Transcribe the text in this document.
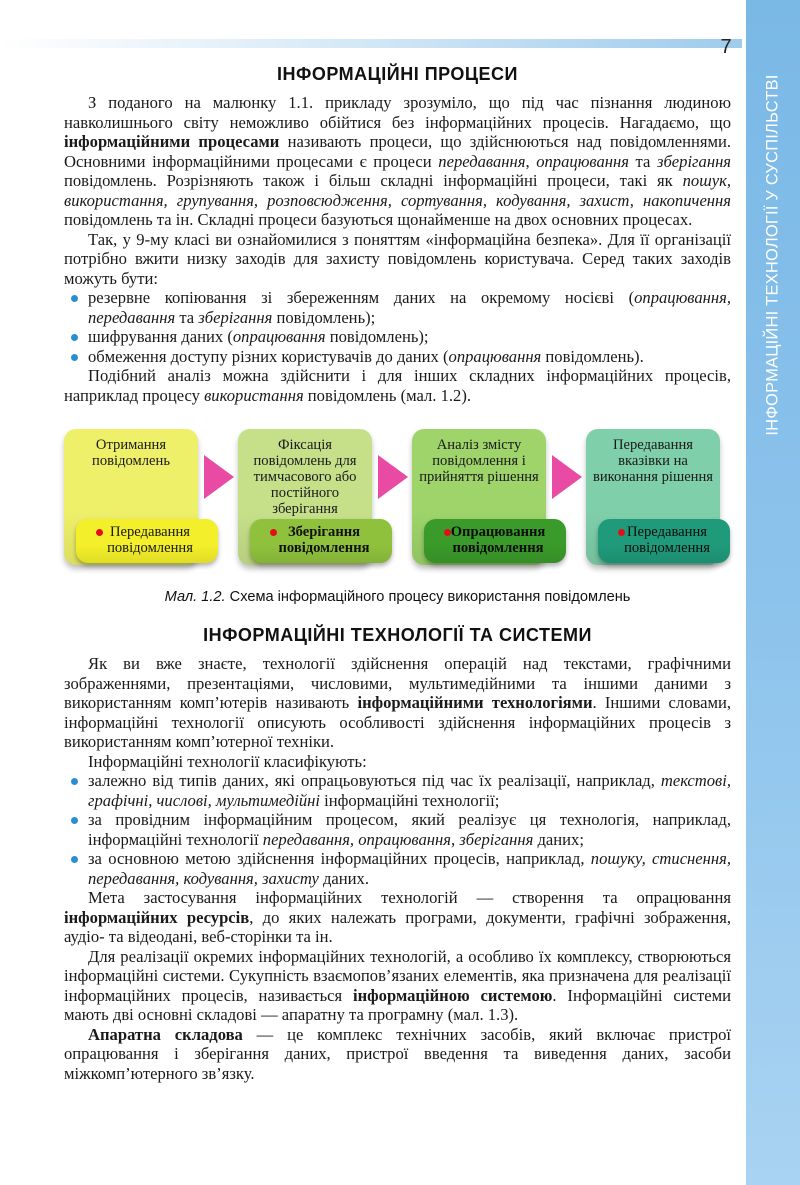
7
ІНФОРМАЦІЙНІ ТЕХНОЛОГІЇ У СУСПІЛЬСТВІ
ІНФОРМАЦІЙНІ ПРОЦЕСИ

З поданого на малюнку 1.1. прикладу зрозуміло, що під час пізнання людиною навколишнього світу неможливо обійтися без інформаційних процесів. Нагадаємо, що інформаційними процесами називають процеси, що здійснюються над повідомленнями. Основними інформаційними процесами є процеси передавання, опрацювання та зберігання повідомлень. Розрізняють також і більш складні інформаційні процеси, такі як пошук, використання, групування, розповсюдження, сортування, кодування, захист, накопичення повідомлень та ін. Складні процеси базуються щонайменше на двох основних процесах.

Так, у 9-му класі ви ознайомилися з поняттям «інформаційна безпека». Для її організації потрібно вжити низку заходів для захисту повідомлень користувача. Серед таких заходів можуть бути:

резервне копіювання зі збереженням даних на окремому носієві (опрацювання, передавання та зберігання повідомлень);
шифрування даних (опрацювання повідомлень);
обмеження доступу різних користувачів до даних (опрацювання повідомлень).

Подібний аналіз можна здійснити і для інших складних інформаційних процесів, наприклад процесу використання повідомлень (мал. 1.2).

Отримання повідомлень
Передавання повідомлення
Фіксація повідомлень для тимчасового або постійного зберігання
Зберігання повідомлення
Аналіз змісту повідомлення і прийняття рішення
Опрацювання повідомлення
Передавання вказівки на виконання рішення
Передавання повідомлення
Мал. 1.2. Схема інформаційного процесу використання повідомлень
ІНФОРМАЦІЙНІ ТЕХНОЛОГІЇ ТА СИСТЕМИ

Як ви вже знаєте, технології здійснення операцій над текстами, графічними зображеннями, презентаціями, числовими, мультимедійними та іншими даними з використанням комп’ютерів називають інформаційними технологіями. Іншими словами, інформаційні технології описують особливості здійснення інформаційних процесів з використанням комп’ютерної техніки.

Інформаційні технології класифікують:

залежно від типів даних, які опрацьовуються під час їх реалізації, наприклад, текстові, графічні, числові, мультимедійні інформаційні технології;
за провідним інформаційним процесом, який реалізує ця технологія, наприклад, інформаційні технології передавання, опрацювання, зберігання даних;
за основною метою здійснення інформаційних процесів, наприклад, пошуку, стиснення, передавання, кодування, захисту даних.

Мета застосування інформаційних технологій — створення та опрацювання інформаційних ресурсів, до яких належать програми, документи, графічні зображення, аудіо- та відеодані, веб-сторінки та ін.

Для реалізації окремих інформаційних технологій, а особливо їх комплексу, створюються інформаційні системи. Сукупність взаємопов’язаних елементів, яка призначена для реалізації інформаційних процесів, називається інформаційною системою. Інформаційні системи мають дві основні складові — апаратну та програмну (мал. 1.3).

Апаратна складова — це комплекс технічних засобів, який включає пристрої опрацювання і зберігання даних, пристрої введення та виведення даних, засоби міжкомп’ютерного зв’язку.
